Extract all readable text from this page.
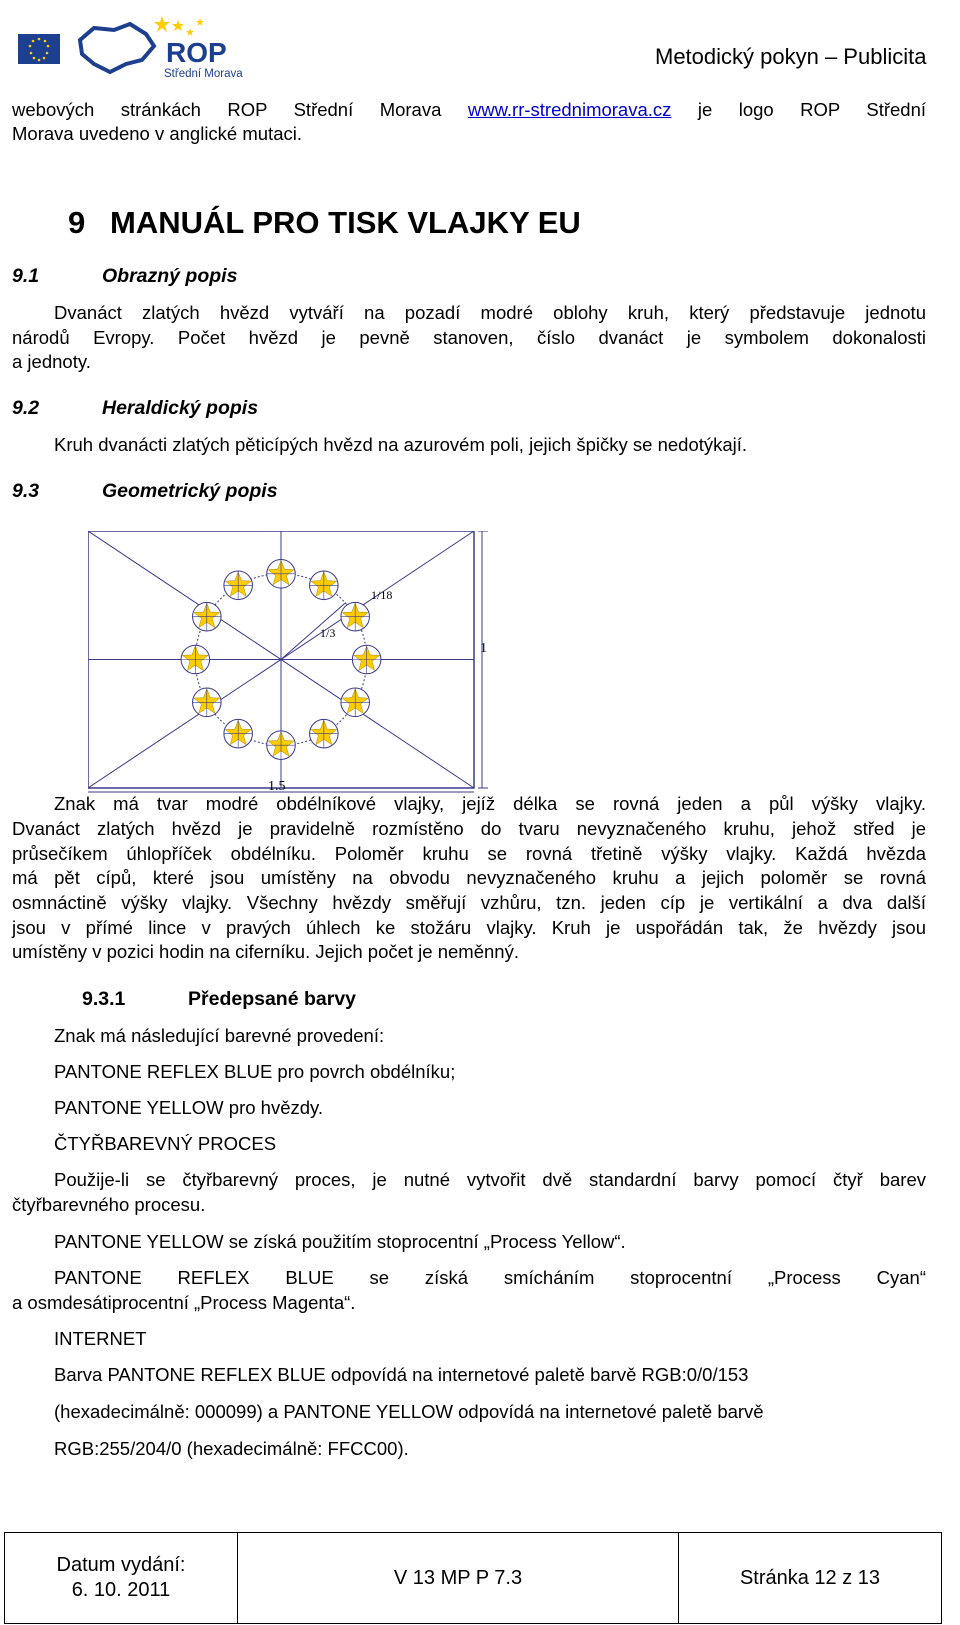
ROP
Střední Morava
Metodický pokyn – Publicita
webových stránkách ROP Střední Morava www.rr-strednimorava.cz je logo ROP Střední
Morava uvedeno v anglické mutaci.
9 MANUÁL PRO TISK VLAJKY EU
9.1	Obrazný popis
Dvanáct zlatých hvězd vytváří na pozadí modré oblohy kruh, který představuje jednotu
národů Evropy. Počet hvězd je pevně stanoven, číslo dvanáct je symbolem dokonalosti
a jednoty.
9.2	Heraldický popis
Kruh dvanácti zlatých pěticípých hvězd na azurovém poli, jejich špičky se nedotýkají.
9.3	Geometrický popis
1/18
1/3
1
1.5
Znak má tvar modré obdélníkové vlajky, jejíž délka se rovná jeden a půl výšky vlajky.
Dvanáct zlatých hvězd je pravidelně rozmístěno do tvaru nevyznačeného kruhu, jehož střed je
průsečíkem úhlopříček obdélníku. Poloměr kruhu se rovná třetině výšky vlajky. Každá hvězda
má pět cípů, které jsou umístěny na obvodu nevyznačeného kruhu a jejich poloměr se rovná
osmnáctině výšky vlajky. Všechny hvězdy směřují vzhůru, tzn. jeden cíp je vertikální a dva další
jsou v přímé lince v pravých úhlech ke stožáru vlajky. Kruh je uspořádán tak, že hvězdy jsou
umístěny v pozici hodin na ciferníku. Jejich počet je neměnný.
9.3.1	Předepsané barvy
Znak má následující barevné provedení:
PANTONE REFLEX BLUE pro povrch obdélníku;
PANTONE YELLOW pro hvězdy.
ČTYŘBAREVNÝ PROCES
Použije-li se čtyřbarevný proces, je nutné vytvořit dvě standardní barvy pomocí čtyř barev
čtyřbarevného procesu.
PANTONE YELLOW se získá použitím stoprocentní „Process Yellow“.
PANTONE REFLEX BLUE se získá smícháním stoprocentní „Process Cyan“
a osmdesátiprocentní „Process Magenta“.
INTERNET
Barva PANTONE REFLEX BLUE odpovídá na internetové paletě barvě RGB:0/0/153
(hexadecimálně: 000099) a PANTONE YELLOW odpovídá na internetové paletě barvě
RGB:255/204/0 (hexadecimálně: FFCC00).
Datum vydání:
6. 10. 2011
V 13 MP P 7.3	Stránka 12 z 13
